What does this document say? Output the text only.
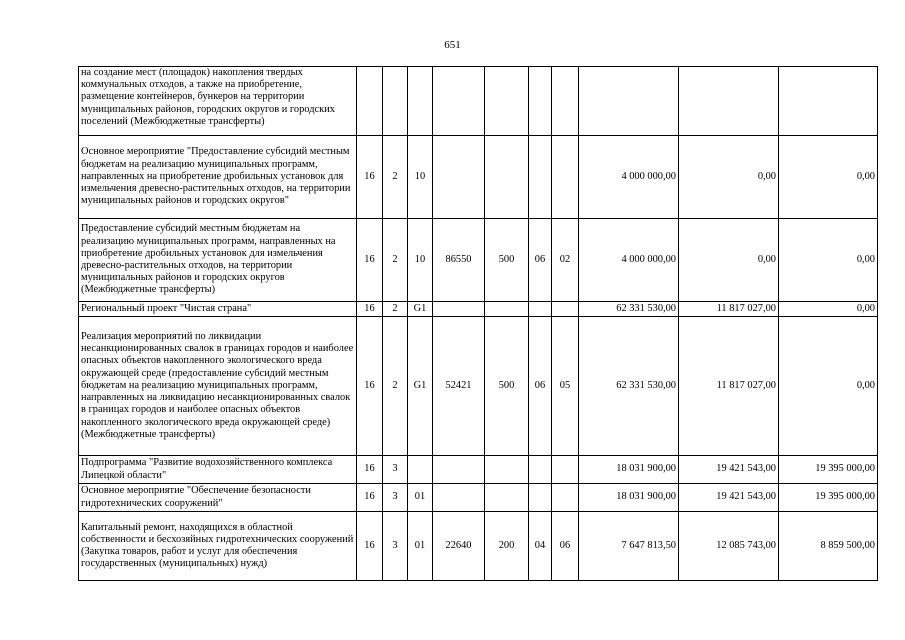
651
на создание мест (площадок) накопления твердых коммунальных отходов, а также на приобретение, размещение контейнеров, бункеров на территории муниципальных районов, городских округов и городских поселений (Межбюджетные трансферты)										
Основное мероприятие "Предоставление субсидий местным бюджетам на реализацию муниципальных программ, направленных на приобретение дробильных установок для измельчения древесно-растительных отходов, на территории муниципальных районов и городских округов"	16	2	10					4 000 000,00	0,00	0,00
Предоставление субсидий местным бюджетам на реализацию муниципальных программ, направленных на приобретение дробильных установок для измельчения древесно-растительных отходов, на территории муниципальных районов и городских округов (Межбюджетные трансферты)	16	2	10	86550	500	06	02	4 000 000,00	0,00	0,00
Региональный проект "Чистая страна"	16	2	G1					62 331 530,00	11 817 027,00	0,00
Реализация мероприятий по ликвидации несанкционированных свалок в границах городов и наиболее опасных объектов накопленного экологического вреда окружающей среде (предоставление субсидий местным бюджетам на реализацию муниципальных программ, направленных на ликвидацию несанкционированных свалок в границах городов и наиболее опасных объектов накопленного экологического вреда окружающей среде) (Межбюджетные трансферты)	16	2	G1	52421	500	06	05	62 331 530,00	11 817 027,00	0,00
Подпрограмма "Развитие водохозяйственного комплекса Липецкой области"	16	3						18 031 900,00	19 421 543,00	19 395 000,00
Основное мероприятие "Обеспечение безопасности гидротехнических сооружений"	16	3	01					18 031 900,00	19 421 543,00	19 395 000,00
Капитальный ремонт, находящихся в областной собственности и бесхозяйных гидротехнических сооружений (Закупка товаров, работ и услуг для обеспечения государственных (муниципальных) нужд)	16	3	01	22640	200	04	06	7 647 813,50	12 085 743,00	8 859 500,00
